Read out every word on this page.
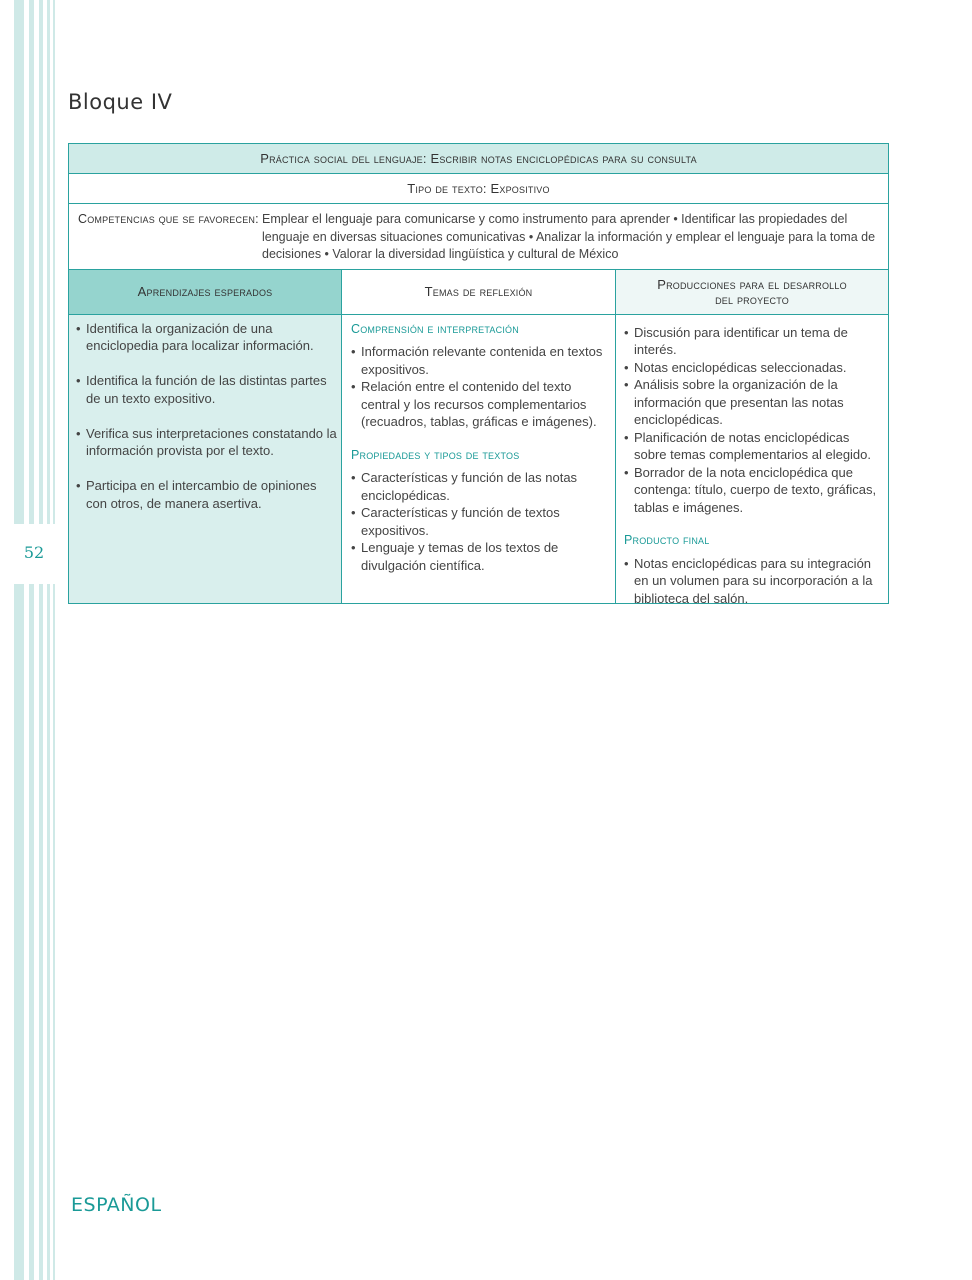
52
Bloque IV
Práctica social del lenguaje: Escribir notas enciclopédicas para su consulta
Tipo de texto: Expositivo
Competencias que se favorecen: Emplear el lenguaje para comunicarse y como instrumento para aprender • Identificar las propiedades del lenguaje en diversas situaciones comunicativas • Analizar la información y emplear el lenguaje para la toma de decisiones • Valorar la diversidad lingüística y cultural de México
Aprendizajes esperados	Temas de reflexión	Producciones para el desarrollo
del proyecto
• Identifica la organización de una enciclopedia para localizar información.
• Identifica la función de las distintas partes de un texto expositivo.
• Verifica sus interpretaciones constatando la información provista por el texto.
• Participa en el intercambio de opiniones con otros, de manera asertiva.
Comprensión e interpretación
• Información relevante contenida en textos expositivos.
• Relación entre el contenido del texto central y los recursos complementarios (recuadros, tablas, gráficas e imágenes).
Propiedades y tipos de textos
• Características y función de las notas enciclopédicas.
• Características y función de textos expositivos.
• Lenguaje y temas de los textos de divulgación científica.
• Discusión para identificar un tema de interés.
• Notas enciclopédicas seleccionadas.
• Análisis sobre la organización de la información que presentan las notas enciclopédicas.
• Planificación de notas enciclopédicas sobre temas complementarios al elegido.
• Borrador de la nota enciclopédica que contenga: título, cuerpo de texto, gráficas, tablas e imágenes.
Producto final
• Notas enciclopédicas para su integración en un volumen para su incorporación a la biblioteca del salón.
ESPAÑOL
